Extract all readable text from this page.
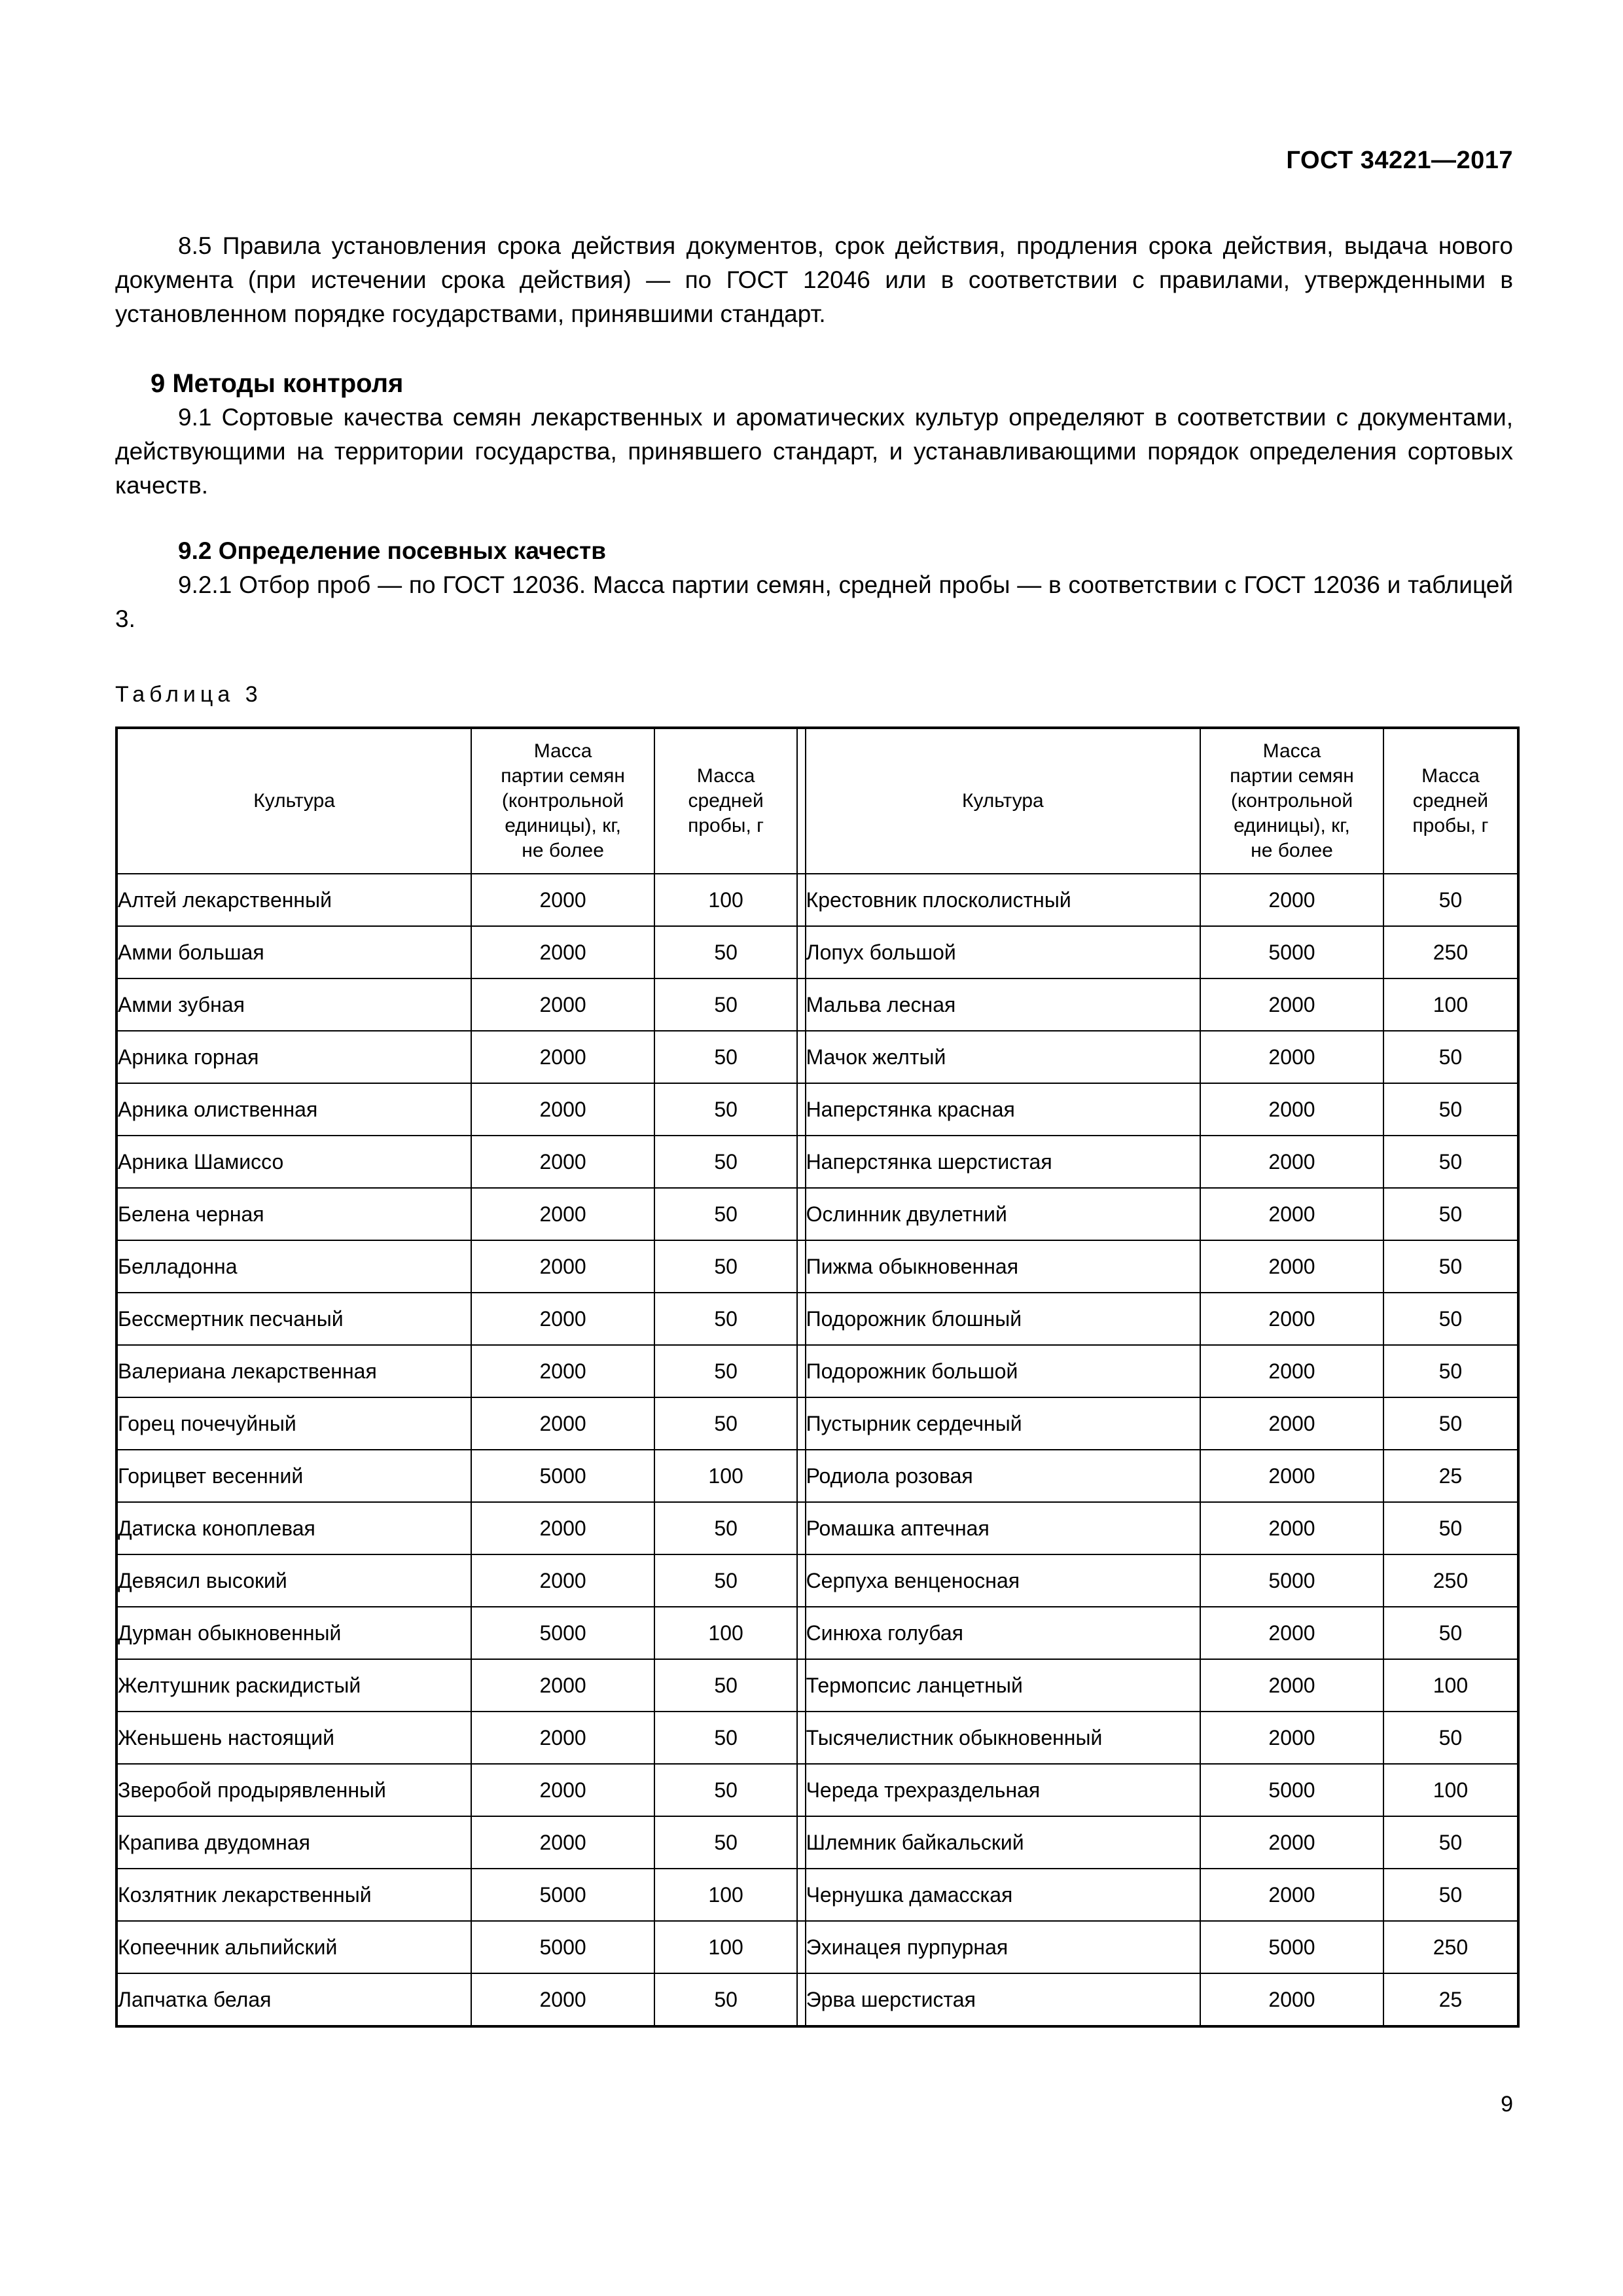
ГОСТ 34221—2017

8.5 Правила установления срока действия документов, срок действия, продления срока действия, выдача нового документа (при истечении срока действия) — по ГОСТ 12046 или в соответствии с правилами, утвержденными в установленном порядке государствами, принявшими стандарт.

9 Методы контроля

9.1 Сортовые качества семян лекарственных и ароматических культур определяют в соответствии с документами, действующими на территории государства, принявшего стандарт, и устанавливающими порядок определения сортовых качеств.

9.2 Определение посевных качеств

9.2.1 Отбор проб — по ГОСТ 12036. Масса партии семян, средней пробы — в соответствии с ГОСТ 12036 и таблицей 3.

Таблица 3
Культура	Масса
партии семян
(контрольной
единицы), кг,
не более	Масса
средней
пробы, г		Культура	Масса
партии семян
(контрольной
единицы), кг,
не более	Масса
средней
пробы, г
Алтей лекарственный	2000	100		Крестовник плосколистный	2000	50
Амми большая	2000	50		Лопух большой	5000	250
Амми зубная	2000	50		Мальва лесная	2000	100
Арника горная	2000	50		Мачок желтый	2000	50
Арника олиственная	2000	50		Наперстянка красная	2000	50
Арника Шамиссо	2000	50		Наперстянка шерстистая	2000	50
Белена черная	2000	50		Ослинник двулетний	2000	50
Белладонна	2000	50		Пижма обыкновенная	2000	50
Бессмертник песчаный	2000	50		Подорожник блошный	2000	50
Валериана лекарственная	2000	50		Подорожник большой	2000	50
Горец почечуйный	2000	50		Пустырник сердечный	2000	50
Горицвет весенний	5000	100		Родиола розовая	2000	25
Датиска коноплевая	2000	50		Ромашка аптечная	2000	50
Девясил высокий	2000	50		Серпуха венценосная	5000	250
Дурман обыкновенный	5000	100		Синюха голубая	2000	50
Желтушник раскидистый	2000	50		Термопсис ланцетный	2000	100
Женьшень настоящий	2000	50		Тысячелистник обыкновенный	2000	50
Зверобой продырявленный	2000	50		Череда трехраздельная	5000	100
Крапива двудомная	2000	50		Шлемник байкальский	2000	50
Козлятник лекарственный	5000	100		Чернушка дамасская	2000	50
Копеечник альпийский	5000	100		Эхинацея пурпурная	5000	250
Лапчатка белая	2000	50		Эрва шерстистая	2000	25
9
